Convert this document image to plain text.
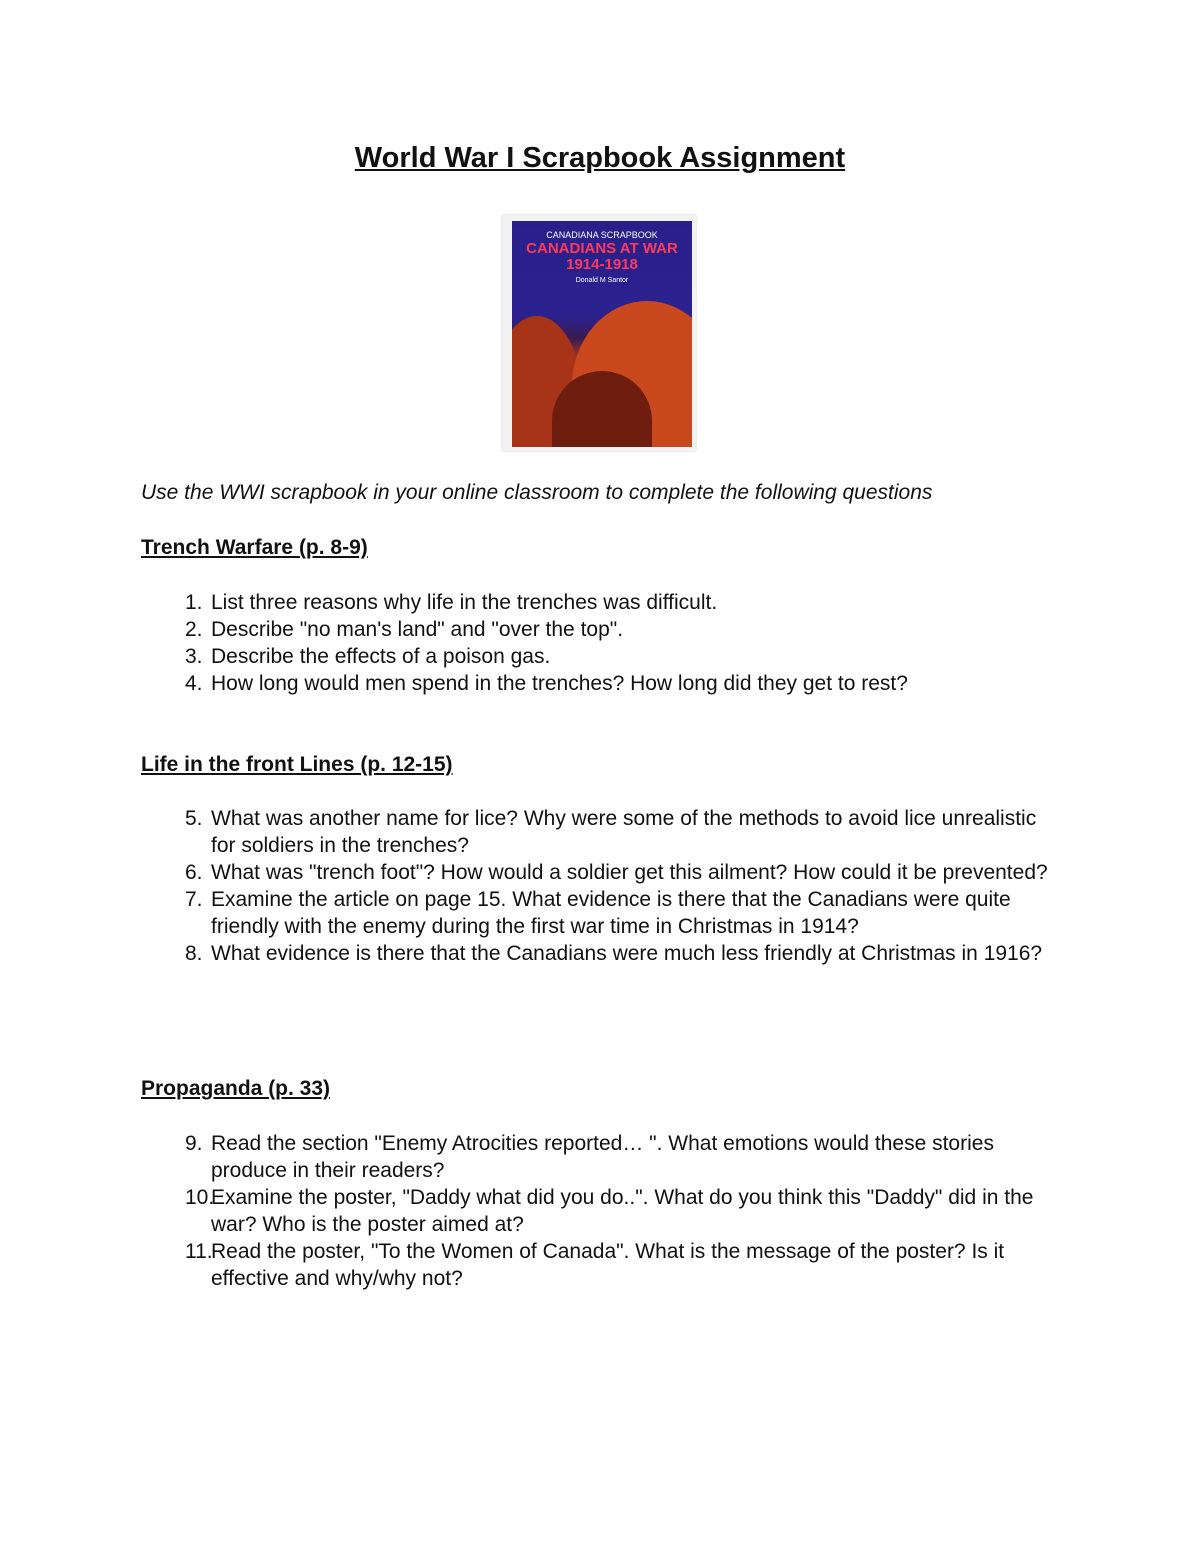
World War I Scrapbook Assignment
CANADIANA SCRAPBOOK
CANADIANS AT WAR
1914-1918
Donald M Santor
Use the WWI scrapbook in your online classroom to complete the following questions
Trench Warfare (p. 8-9)
1. List three reasons why life in the trenches was difficult.
2. Describe "no man's land" and "over the top".
3. Describe the effects of a poison gas.
4. How long would men spend in the trenches? How long did they get to rest?
Life in the front Lines (p. 12-15)
5. What was another name for lice? Why were some of the methods to avoid lice unrealistic for soldiers in the trenches?
6. What was "trench foot"? How would a soldier get this ailment? How could it be prevented?
7. Examine the article on page 15. What evidence is there that the Canadians were quite friendly with the enemy during the first war time in Christmas in 1914?
8. What evidence is there that the Canadians were much less friendly at Christmas in 1916?
Propaganda (p. 33)
9. Read the section "Enemy Atrocities reported… ". What emotions would these stories produce in their readers?
10.
Examine the poster, "Daddy what did you do..". What do you think this "Daddy" did in the war? Who is the poster aimed at?
11.
Read the poster, "To the Women of Canada". What is the message of the poster? Is it effective and why/why not?
